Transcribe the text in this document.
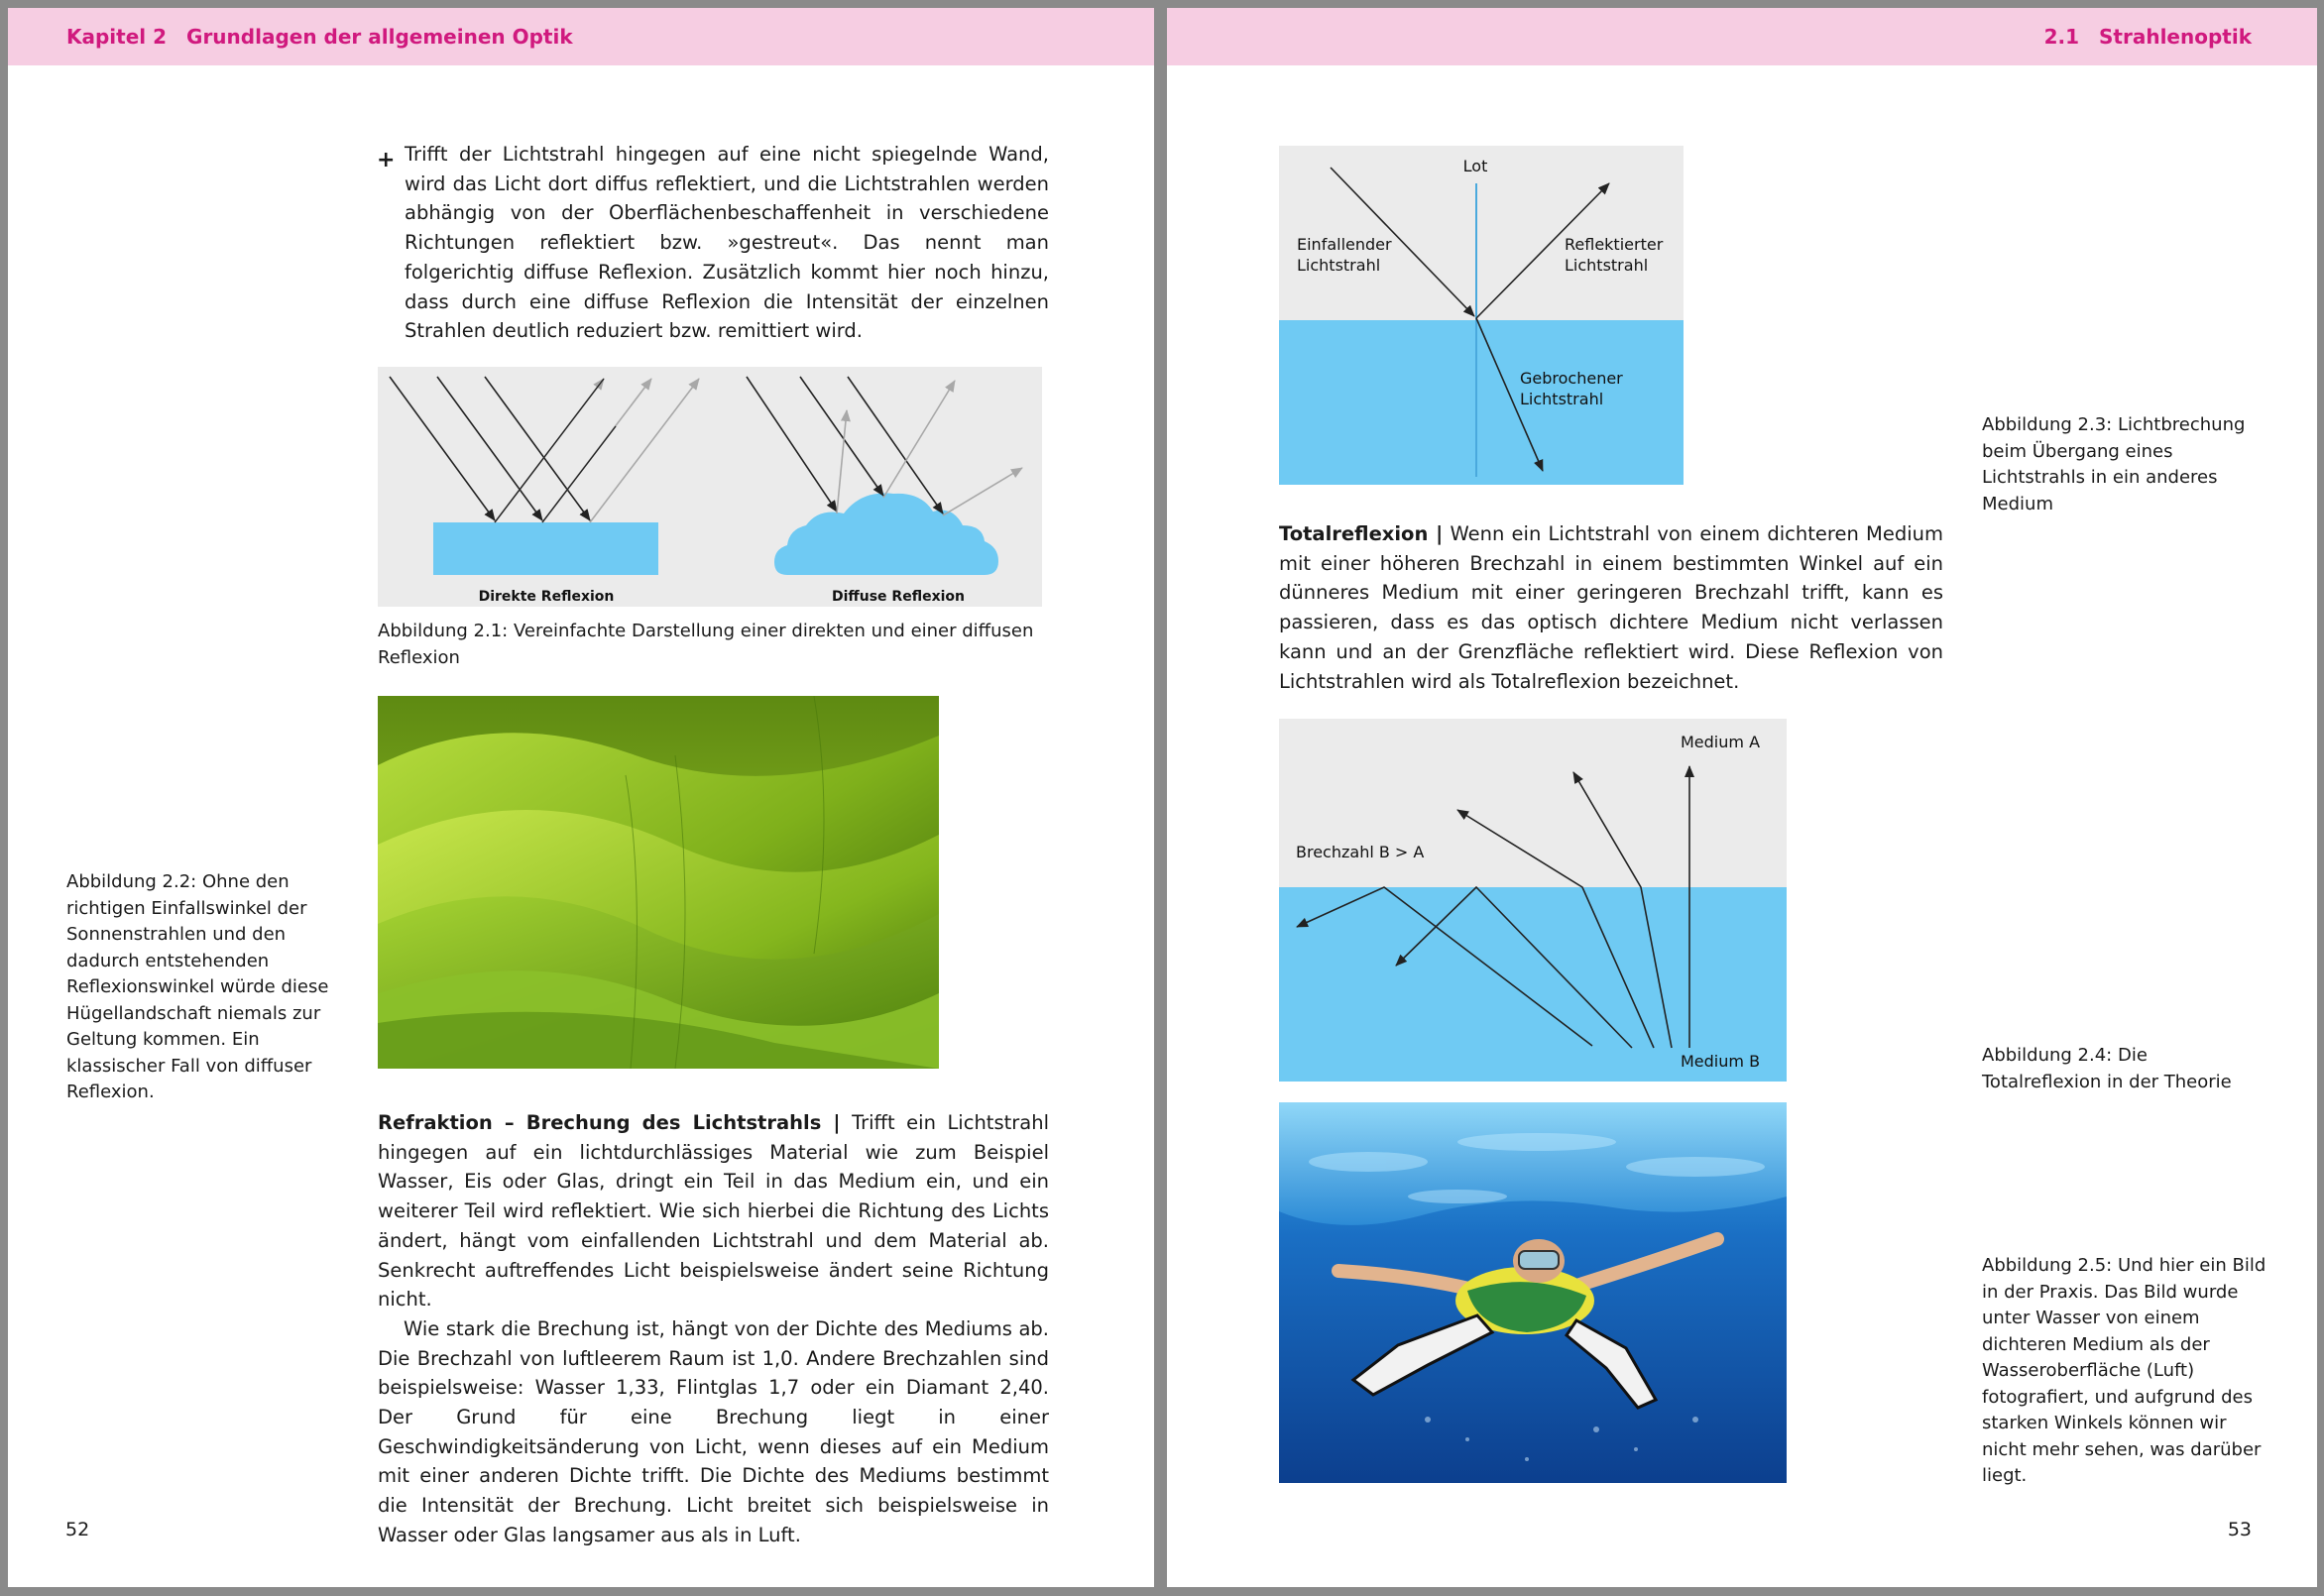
Kapitel 2 Grundlagen der allgemeinen Optik
+ Trifft der Lichtstrahl hingegen auf eine nicht spiegelnde Wand, wird das Licht dort diffus reflektiert, und die Lichtstrahlen werden abhängig von der Oberflächenbeschaffenheit in verschiedene Richtungen reflektiert bzw. »gestreut«. Das nennt man folgerichtig diffuse Reflexion. Zusätzlich kommt hier noch hinzu, dass durch eine diffuse Reflexion die Intensität der einzelnen Strahlen deutlich reduziert bzw. remittiert wird.

Direkte Reflexion	Diffuse Reflexion
Abbildung 2.1: Vereinfachte Darstellung einer direkten und einer diffusen Reflexion
Abbildung 2.2: Ohne den richtigen Einfallswinkel der Sonnenstrahlen und den dadurch entstehenden Reflexionswinkel würde diese Hügellandschaft niemals zur Geltung kommen. Ein klassischer Fall von diffuser Reflexion.

Refraktion – Brechung des Lichtstrahls | Trifft ein Lichtstrahl hingegen auf ein lichtdurchlässiges Material wie zum Beispiel Wasser, Eis oder Glas, dringt ein Teil in das Medium ein, und ein weiterer Teil wird reflektiert. Wie sich hierbei die Richtung des Lichts ändert, hängt vom einfallenden Lichtstrahl und dem Material ab. Senkrecht auftreffendes Licht beispielsweise ändert seine Richtung nicht.

Wie stark die Brechung ist, hängt von der Dichte des Mediums ab. Die Brechzahl von luftleerem Raum ist 1,0. Andere Brechzahlen sind beispielsweise: Wasser 1,33, Flintglas 1,7 oder ein Diamant 2,40. Der Grund für eine Brechung liegt in einer Geschwindigkeitsänderung von Licht, wenn dieses auf ein Medium mit einer anderen Dichte trifft. Die Dichte des Mediums bestimmt die Intensität der Brechung. Licht breitet sich beispielsweise in Wasser oder Glas langsamer aus als in Luft.

52
2.1 Strahlenoptik
Lot
Einfallender
Lichtstrahl
Reflektierter
Lichtstrahl
Gebrochener
Lichtstrahl
Abbildung 2.3: Lichtbrechung beim Übergang eines Lichtstrahls in ein anderes Medium

Totalreflexion | Wenn ein Lichtstrahl von einem dichteren Medium mit einer höheren Brechzahl in einem bestimmten Winkel auf ein dünneres Medium mit einer geringeren Brechzahl trifft, kann es passieren, dass es das optisch dichtere Medium nicht verlassen kann und an der Grenzfläche reflektiert wird. Diese Reflexion von Lichtstrahlen wird als Totalreflexion bezeichnet.

Medium A
Brechzahl B > A
Medium B	Abbildung 2.4: Die Totalreflexion in der Theorie
Abbildung 2.5: Und hier ein Bild in der Praxis. Das Bild wurde unter Wasser von einem dichteren Medium als der Wasseroberfläche (Luft) fotografiert, und aufgrund des starken Winkels können wir nicht mehr sehen, was darüber liegt.
53
